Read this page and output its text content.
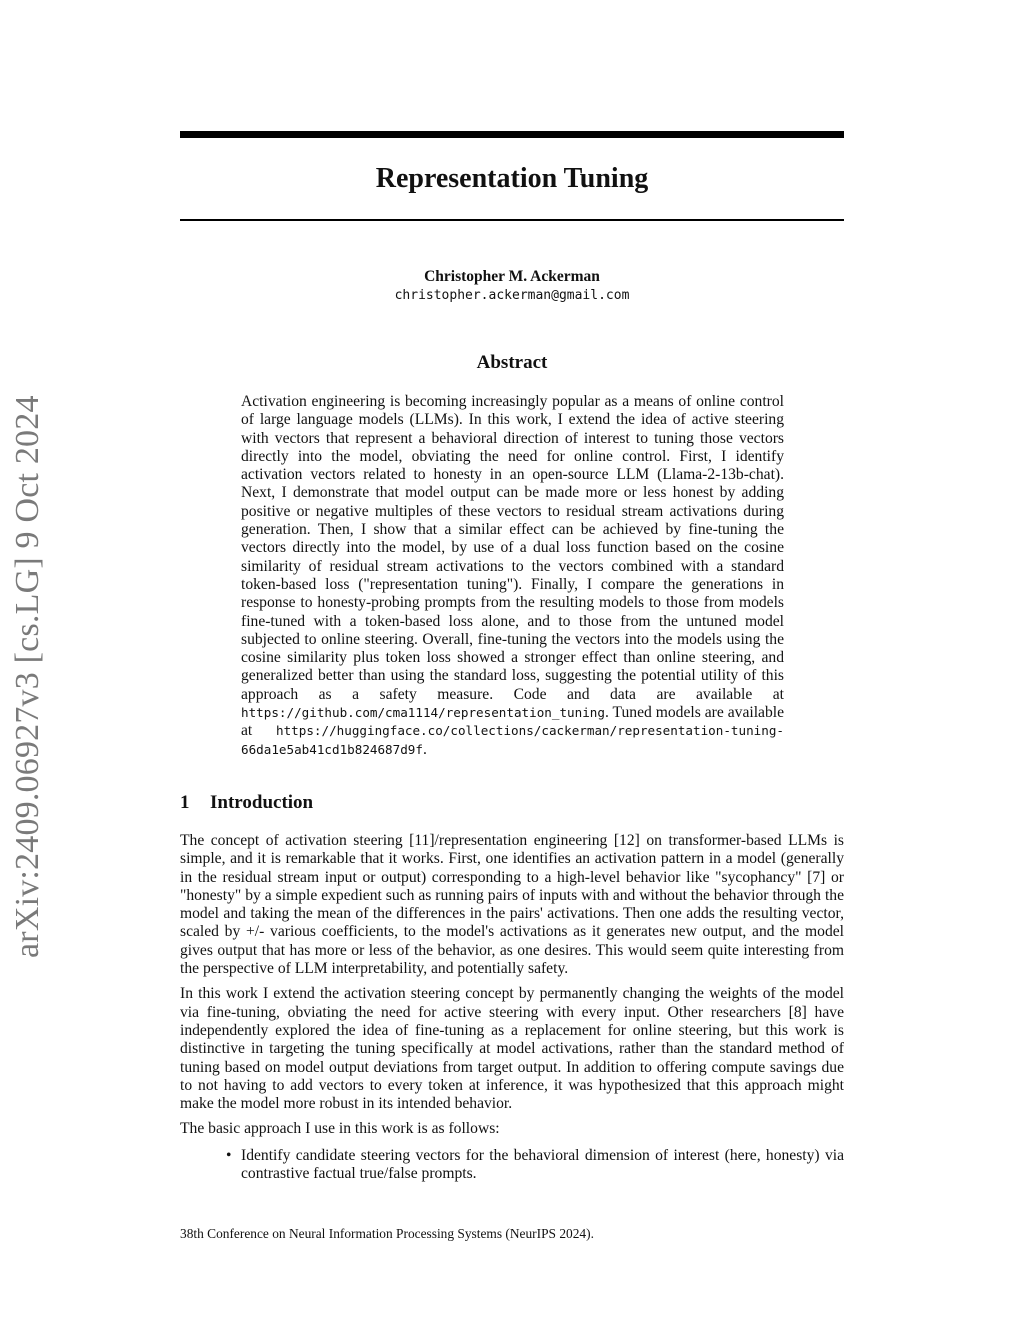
Representation Tuning
Christopher M. Ackerman
christopher.ackerman@gmail.com
arXiv:2409.06927v3 [cs.LG] 9 Oct 2024
Abstract
Activation engineering is becoming increasingly popular as a means of online control of large language models (LLMs). In this work, I extend the idea of active steering with vectors that represent a behavioral direction of interest to tuning those vectors directly into the model, obviating the need for online control. First, I identify activation vectors related to honesty in an open-source LLM (Llama-2-13b-chat). Next, I demonstrate that model output can be made more or less honest by adding positive or negative multiples of these vectors to residual stream activations during generation. Then, I show that a similar effect can be achieved by fine-tuning the vectors directly into the model, by use of a dual loss function based on the cosine similarity of residual stream activations to the vectors combined with a standard token-based loss ("representation tuning"). Finally, I compare the generations in response to honesty-probing prompts from the resulting models to those from models fine-tuned with a token-based loss alone, and to those from the untuned model subjected to online steering. Overall, fine-tuning the vectors into the models using the cosine similarity plus token loss showed a stronger effect than online steering, and generalized better than using the standard loss, suggesting the potential utility of this approach as a safety measure. Code and data are available at https://github.com/cma1114/representation_tuning. Tuned models are available at https://huggingface.co/collections/cackerman/representation-tuning-66da1e5ab41cd1b824687d9f.
1 Introduction

The concept of activation steering [11]/representation engineering [12] on transformer-based LLMs is simple, and it is remarkable that it works. First, one identifies an activation pattern in a model (generally in the residual stream input or output) corresponding to a high-level behavior like "sycophancy" [7] or "honesty" by a simple expedient such as running pairs of inputs with and without the behavior through the model and taking the mean of the differences in the pairs' activations. Then one adds the resulting vector, scaled by +/- various coefficients, to the model's activations as it generates new output, and the model gives output that has more or less of the behavior, as one desires. This would seem quite interesting from the perspective of LLM interpretability, and potentially safety.

In this work I extend the activation steering concept by permanently changing the weights of the model via fine-tuning, obviating the need for active steering with every input. Other researchers [8] have independently explored the idea of fine-tuning as a replacement for online steering, but this work is distinctive in targeting the tuning specifically at model activations, rather than the standard method of tuning based on model output deviations from target output. In addition to offering compute savings due to not having to add vectors to every token at inference, it was hypothesized that this approach might make the model more robust in its intended behavior.

The basic approach I use in this work is as follows:

• Identify candidate steering vectors for the behavioral dimension of interest (here, honesty) via contrastive factual true/false prompts.
38th Conference on Neural Information Processing Systems (NeurIPS 2024).
